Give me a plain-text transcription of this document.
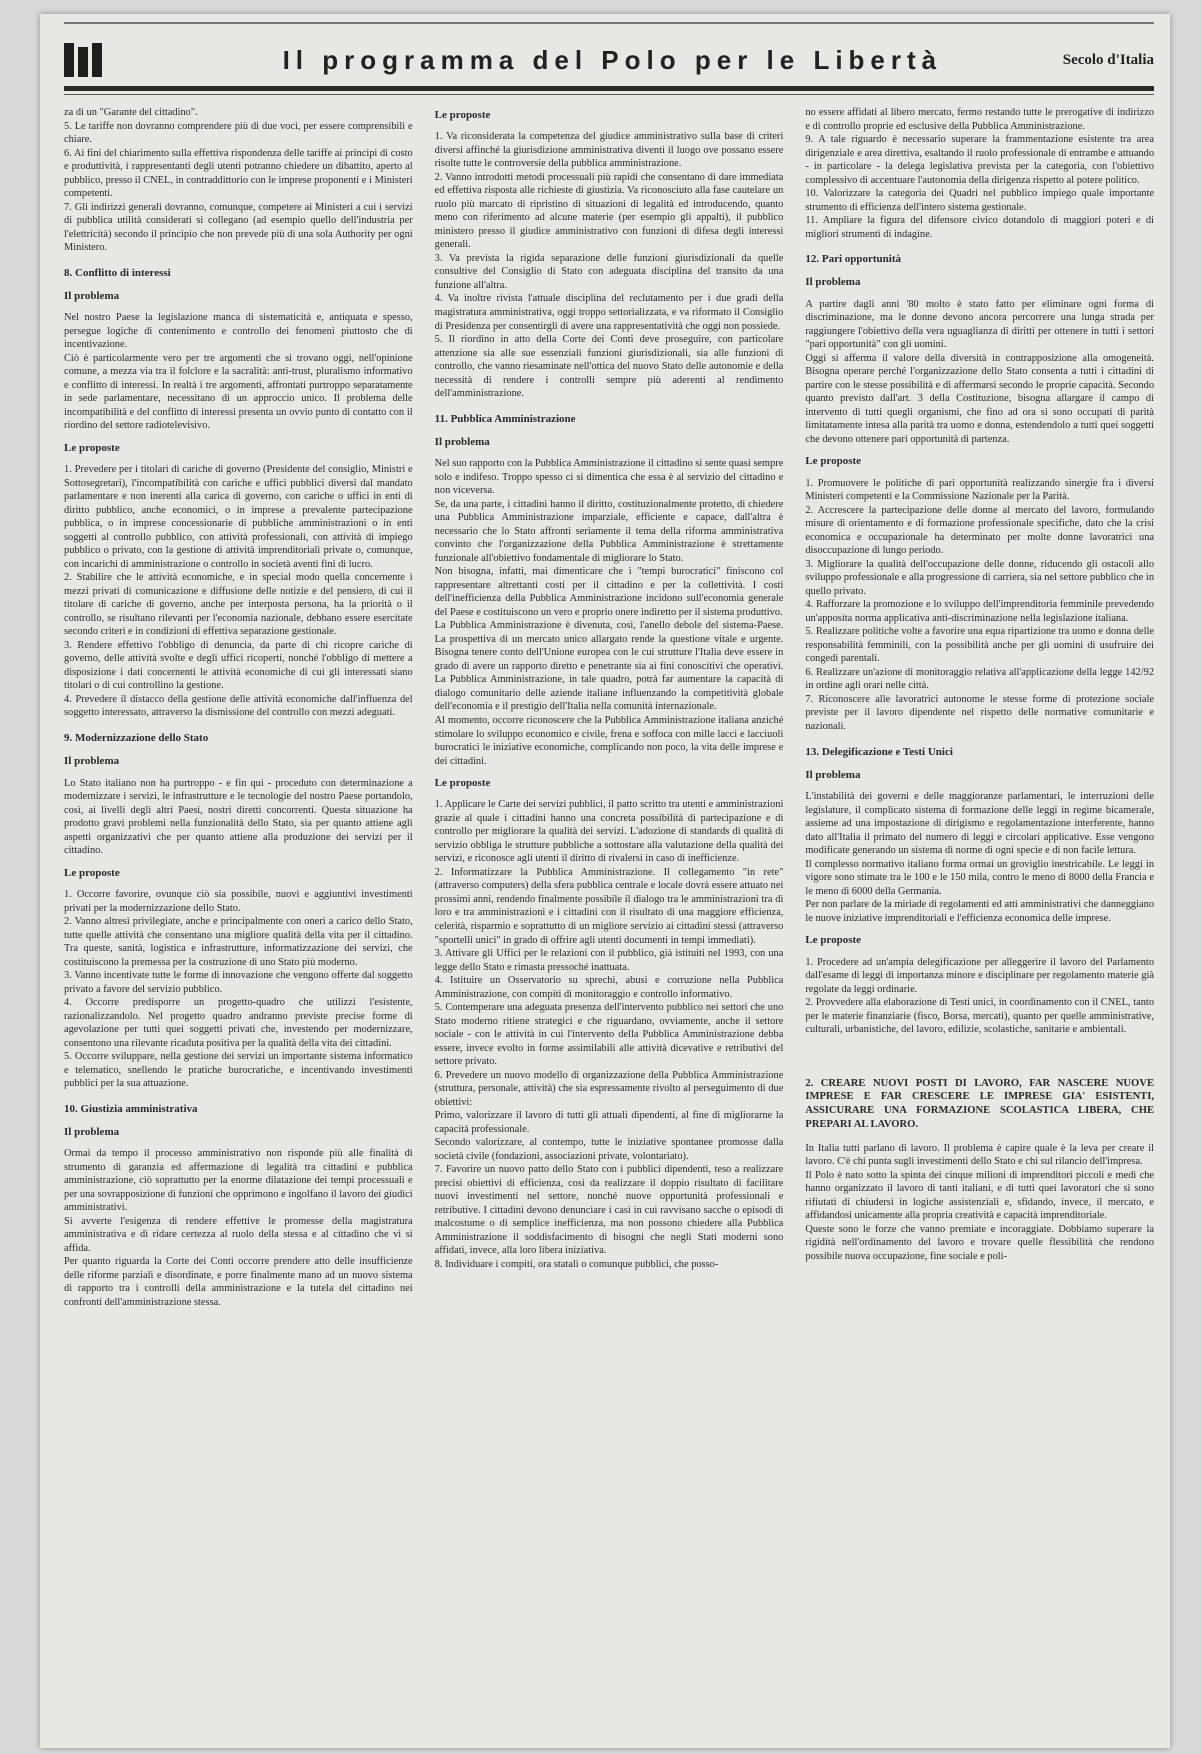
Il programma del Polo per le Libertà	Secolo d'Italia

za di un "Garante del cittadino".

5. Le tariffe non dovranno comprendere più di due voci, per essere comprensibili e chiare.

6. Ai fini del chiarimento sulla effettiva rispondenza delle tariffe ai principi di costo e produttività, i rappresentanti degli utenti potranno chiedere un dibattito, aperto al pubblico, presso il CNEL, in contraddittorio con le imprese proponenti e i Ministeri competenti.

7. Gli indirizzi generali dovranno, comunque, competere ai Ministeri a cui i servizi di pubblica utilità considerati si collegano (ad esempio quello dell'industria per l'elettricità) secondo il principio che non prevede più di una sola Authority per ogni Ministero.

8. Conflitto di interessi
Il problema

Nel nostro Paese la legislazione manca di sistematicità e, antiquata e spesso, persegue logiche di contenimento e controllo dei fenomeni piuttosto che di incentivazione.

Ciò è particolarmente vero per tre argomenti che si trovano oggi, nell'opinione comune, a mezza via tra il folclore e la sacralità: anti-trust, pluralismo informativo e conflitto di interessi. In realtà i tre argomenti, affrontati purtroppo separatamente in sede parlamentare, necessitano di un approccio unico. Il problema delle incompatibilità e del conflitto di interessi presenta un ovvio punto di contatto con il riordino del settore radiotelevisivo.

Le proposte

1. Prevedere per i titolari di cariche di governo (Presidente del consiglio, Ministri e Sottosegretari), l'incompatibilità con cariche e uffici pubblici diversi dal mandato parlamentare e non inerenti alla carica di governo, con cariche o uffici in enti di diritto pubblico, anche economici, o in imprese a prevalente partecipazione pubblica, o in imprese concessionarie di pubbliche amministrazioni o in enti soggetti al controllo pubblico, con attività professionali, con attività di impiego pubblico o privato, con la gestione di attività imprenditoriali private o, comunque, con incarichi di amministrazione o controllo in società aventi fini di lucro.

2. Stabilire che le attività economiche, e in special modo quella concernente i mezzi privati di comunicazione e diffusione delle notizie e del pensiero, di cui il titolare di cariche di governo, anche per interposta persona, ha la priorità o il controllo, se risultano rilevanti per l'economia nazionale, debbano essere esercitate secondo criteri e in condizioni di effettiva separazione gestionale.

3. Rendere effettivo l'obbligo di denuncia, da parte di chi ricopre cariche di governo, delle attività svolte e degli uffici ricoperti, nonché l'obbligo di mettere a disposizione i dati concernenti le attività economiche di cui gli interessati siano titolari o di cui controllino la gestione.

4. Prevedere il distacco della gestione delle attività economiche dall'influenza del soggetto interessato, attraverso la dismissione del controllo con mezzi adeguati.

9. Modernizzazione dello Stato
Il problema

Lo Stato italiano non ha purtroppo - e fin qui - proceduto con determinazione a modernizzare i servizi, le infrastrutture e le tecnologie del nostro Paese portandolo, così, ai livelli degli altri Paesi, nostri diretti concorrenti. Questa situazione ha prodotto gravi problemi nella funzionalità dello Stato, sia per quanto attiene agli aspetti organizzativi che per quanto attiene alla produzione dei servizi per il cittadino.

Le proposte

1. Occorre favorire, ovunque ciò sia possibile, nuovi e aggiuntivi investimenti privati per la modernizzazione dello Stato.

2. Vanno altresì privilegiate, anche e principalmente con oneri a carico dello Stato, tutte quelle attività che consentano una migliore qualità della vita per il cittadino. Tra queste, sanità, logistica e infrastrutture, informatizzazione dei servizi, che costituiscono la premessa per la costruzione di uno Stato più moderno.

3. Vanno incentivate tutte le forme di innovazione che vengono offerte dal soggetto privato a favore del servizio pubblico.

4. Occorre predisporre un progetto-quadro che utilizzi l'esistente, razionalizzandolo. Nel progetto quadro andranno previste precise forme di agevolazione per tutti quei soggetti privati che, investendo per modernizzare, consentono una rilevante ricaduta positiva per la qualità della vita dei cittadini.

5. Occorre sviluppare, nella gestione dei servizi un importante sistema informatico e telematico, snellendo le pratiche burocratiche, e incentivando investimenti pubblici per la sua attuazione.

10. Giustizia amministrativa
Il problema

Ormai da tempo il processo amministrativo non risponde più alle finalità di strumento di garanzia ed affermazione di legalità tra cittadini e pubblica amministrazione, ciò soprattutto per la enorme dilatazione dei tempi processuali e per una sovrapposizione di funzioni che opprimono e ingolfano il lavoro dei giudici amministrativi.

Si avverte l'esigenza di rendere effettive le promesse della magistratura amministrativa e di ridare certezza al ruolo della stessa e al cittadino che vi si affida.

Per quanto riguarda la Corte dei Conti occorre prendere atto delle insufficienze delle riforme parziali e disordinate, e porre finalmente mano ad un nuovo sistema di rapporto tra i controlli della amministrazione e la tutela del cittadino nei confronti dell'amministrazione stessa.

Le proposte

1. Va riconsiderata la competenza del giudice amministrativo sulla base di criteri diversi affinché la giurisdizione amministrativa diventi il luogo ove possano essere risolte tutte le controversie della pubblica amministrazione.

2. Vanno introdotti metodi processuali più rapidi che consentano di dare immediata ed effettiva risposta alle richieste di giustizia. Va riconosciuto alla fase cautelare un ruolo più marcato di ripristino di situazioni di legalità ed introducendo, quanto meno con riferimento ad alcune materie (per esempio gli appalti), il pubblico ministero presso il giudice amministrativo con funzioni di difesa degli interessi generali.

3. Va prevista la rigida separazione delle funzioni giurisdizionali da quelle consultive del Consiglio di Stato con adeguata disciplina del transito da una funzione all'altra.

4. Va inoltre rivista l'attuale disciplina del reclutamento per i due gradi della magistratura amministrativa, oggi troppo settorializzata, e va riformato il Consiglio di Presidenza per consentirgli di avere una rappresentatività che oggi non possiede.

5. Il riordino in atto della Corte dei Conti deve proseguire, con particolare attenzione sia alle sue essenziali funzioni giurisdizionali, sia alle funzioni di controllo, che vanno riesaminate nell'ottica del nuovo Stato delle autonomie e della necessità di rendere i controlli sempre più aderenti al rendimento dell'amministrazione.

11. Pubblica Amministrazione
Il problema

Nel suo rapporto con la Pubblica Amministrazione il cittadino si sente quasi sempre solo e indifeso. Troppo spesso ci si dimentica che essa è al servizio del cittadino e non viceversa.

Se, da una parte, i cittadini hanno il diritto, costituzionalmente protetto, di chiedere una Pubblica Amministrazione imparziale, efficiente e capace, dall'altra è necessario che lo Stato affronti seriamente il tema della riforma amministrativa convinto che l'organizzazione della Pubblica Amministrazione è strettamente funzionale all'obiettivo fondamentale di migliorare lo Stato.

Non bisogna, infatti, mai dimenticare che i "tempi burocratici" finiscono col rappresentare altrettanti costi per il cittadino e per la collettività. I costi dell'inefficienza della Pubblica Amministrazione incidono sull'economia generale del Paese e costituiscono un vero e proprio onere indiretto per il sistema produttivo.

La Pubblica Amministrazione è divenuta, così, l'anello debole del sistema-Paese. La prospettiva di un mercato unico allargato rende la questione vitale e urgente. Bisogna tenere conto dell'Unione europea con le cui strutture l'Italia deve essere in grado di avere un rapporto diretto e penetrante sia ai fini conoscitivi che operativi. La Pubblica Amministrazione, in tale quadro, potrà far aumentare la capacità di dialogo comunitario delle aziende italiane influenzando la competitività globale dell'economia e il prestigio dell'Italia nella comunità internazionale.

Al momento, occorre riconoscere che la Pubblica Amministrazione italiana anziché stimolare lo sviluppo economico e civile, frena e soffoca con mille lacci e lacciuoli burocratici le iniziative economiche, complicando non poco, la vita delle imprese e dei cittadini.

Le proposte

1. Applicare le Carte dei servizi pubblici, il patto scritto tra utenti e amministrazioni grazie al quale i cittadini hanno una concreta possibilità di partecipazione e di controllo per migliorare la qualità dei servizi. L'adozione di standards di qualità di servizio obbliga le strutture pubbliche a sottostare alla valutazione della qualità dei servizi, e riconosce agli utenti il diritto di rivalersi in caso di inefficienze.

2. Informatizzare la Pubblica Amministrazione. Il collegamento "in rete" (attraverso computers) della sfera pubblica centrale e locale dovrà essere attuato nei prossimi anni, rendendo finalmente possibile il dialogo tra le amministrazioni tra di loro e tra amministrazioni e i cittadini con il risultato di una maggiore efficienza, celerità, risparmio e soprattutto di un migliore servizio ai cittadini stessi (attraverso "sportelli unici" in grado di offrire agli utenti documenti in tempi immediati).

3. Attivare gli Uffici per le relazioni con il pubblico, già istituiti nel 1993, con una legge dello Stato e rimasta pressoché inattuata.

4. Istituire un Osservatorio su sprechi, abusi e corruzione nella Pubblica Amministrazione, con compiti di monitoraggio e controllo informativo.

5. Contemperare una adeguata presenza dell'intervento pubblico nei settori che uno Stato moderno ritiene strategici e che riguardano, ovviamente, anche il settore sociale - con le attività in cui l'intervento della Pubblica Amministrazione debba essere, invece evolto in forme assimilabili alle attività dicevative e retributivi del settore privato.

6. Prevedere un nuovo modello di organizzazione della Pubblica Amministrazione (struttura, personale, attività) che sia espressamente rivolto al perseguimento di due obiettivi:

Primo, valorizzare il lavoro di tutti gli attuali dipendenti, al fine di migliorarne la capacità professionale.

Secondo valorizzare, al contempo, tutte le iniziative spontanee promosse dalla società civile (fondazioni, associazioni private, volontariato).

7. Favorire un nuovo patto dello Stato con i pubblici dipendenti, teso a realizzare precisi obiettivi di efficienza, così da realizzare il doppio risultato di facilitare nuovi investimenti nel settore, nonché nuove opportunità professionali e retributive. I cittadini devono denunciare i casi in cui ravvisano sacche o episodi di malcostume o di semplice inefficienza, ma non possono chiedere alla Pubblica Amministrazione il soddisfacimento di bisogni che negli Stati moderni sono affidati, invece, alla loro libera iniziativa.

8. Individuare i compiti, ora statali o comunque pubblici, che posso-

no essere affidati al libero mercato, fermo restando tutte le prerogative di indirizzo e di controllo proprie ed esclusive della Pubblica Amministrazione.

9. A tale riguardo è necessario superare la frammentazione esistente tra area dirigenziale e area direttiva, esaltando il ruolo professionale di entrambe e attuando - in particolare - la delega legislativa prevista per la categoria, con l'obiettivo complessivo di accentuare l'autonomia della dirigenza rispetto al potere politico.

10. Valorizzare la categoria dei Quadri nel pubblico impiego quale importante strumento di efficienza dell'intero sistema gestionale.

11. Ampliare la figura del difensore civico dotandolo di maggiori poteri e di migliori strumenti di indagine.

12. Pari opportunità
Il problema

A partire dagli anni '80 molto è stato fatto per eliminare ogni forma di discriminazione, ma le donne devono ancora percorrere una lunga strada per raggiungere l'obiettivo della vera uguaglianza di diritti per ottenere in tutti i settori "pari opportunità" con gli uomini.

Oggi si afferma il valore della diversità in contrapposizione alla omogeneità. Bisogna operare perché l'organizzazione dello Stato consenta a tutti i cittadini di partire con le stesse possibilità e di affermarsi secondo le proprie capacità. Secondo quanto previsto dall'art. 3 della Costituzione, bisogna allargare il campo di intervento di tutti quegli organismi, che fino ad ora si sono occupati di parità limitatamente intesa alla parità tra uomo e donna, estendendolo a tutti quei soggetti che devono ottenere pari opportunità di partenza.

Le proposte

1. Promuovere le politiche di pari opportunità realizzando sinergie fra i diversi Ministeri competenti e la Commissione Nazionale per la Parità.

2. Accrescere la partecipazione delle donne al mercato del lavoro, formulando misure di orientamento e di formazione professionale specifiche, dato che la crisi economica e occupazionale ha determinato per molte donne lavoratrici una disoccupazione di lungo periodo.

3. Migliorare la qualità dell'occupazione delle donne, riducendo gli ostacoli allo sviluppo professionale e alla progressione di carriera, sia nel settore pubblico che in quello privato.

4. Rafforzare la promozione e lo sviluppo dell'imprenditoria femminile prevedendo un'apposita norma applicativa anti-discriminazione nella legislazione italiana.

5. Realizzare politiche volte a favorire una equa ripartizione tra uomo e donna delle responsabilità femminili, con la possibilità anche per gli uomini di usufruire dei congedi parentali.

6. Realizzare un'azione di monitoraggio relativa all'applicazione della legge 142/92 in ordine agli orari nelle città.

7. Riconoscere alle lavoratrici autonome le stesse forme di protezione sociale previste per il lavoro dipendente nel rispetto delle normative comunitarie e nazionali.

13. Delegificazione e Testi Unici
Il problema

L'instabilità dei governi e delle maggioranze parlamentari, le interruzioni delle legislature, il complicato sistema di formazione delle leggi in regime bicamerale, assieme ad una impostazione di dirigismo e regolamentazione interferente, hanno dato all'Italia il primato del numero di leggi e circolari applicative. Esse vengono modificate generando un sistema di norme di ogni specie e di non facile lettura.

Il complesso normativo italiano forma ormai un groviglio inestricabile. Le leggi in vigore sono stimate tra le 100 e le 150 mila, contro le meno di 8000 della Francia e le meno di 6000 della Germania.

Per non parlare de la miriade di regolamenti ed atti amministrativi che danneggiano le nuove iniziative imprenditoriali e l'efficienza economica delle imprese.

Le proposte

1. Procedere ad un'ampia delegificazione per alleggerire il lavoro del Parlamento dall'esame di leggi di importanza minore e disciplinare per regolamento materie già regolate da leggi ordinarie.

2. Provvedere alla elaborazione di Testi unici, in coordinamento con il CNEL, tanto per le materie finanziarie (fisco, Borsa, mercati), quanto per quelle amministrative, culturali, urbanistiche, del lavoro, edilizie, scolastiche, sanitarie e ambientali.

2. CREARE NUOVI POSTI DI LAVORO, FAR NASCERE NUOVE IMPRESE E FAR CRESCERE LE IMPRESE GIA' ESISTENTI, ASSICURARE UNA FORMAZIONE SCOLASTICA LIBERA, CHE PREPARI AL LAVORO.

In Italia tutti parlano di lavoro. Il problema è capire quale è la leva per creare il lavoro. C'è chi punta sugli investimenti dello Stato e chi sul rilancio dell'impresa.

Il Polo è nato sotto la spinta dei cinque milioni di imprenditori piccoli e medi che hanno organizzato il lavoro di tanti italiani, e di tutti quei lavoratori che si sono rifiutati di chiudersi in logiche assistenziali e, sfidando, invece, il mercato, e affidandosi unicamente alla propria creatività e capacità imprenditoriale.

Queste sono le forze che vanno premiate e incoraggiate. Dobbiamo superare la rigidità nell'ordinamento del lavoro e trovare quelle flessibilità che rendono possibile nuova occupazione, fine sociale e poli-
